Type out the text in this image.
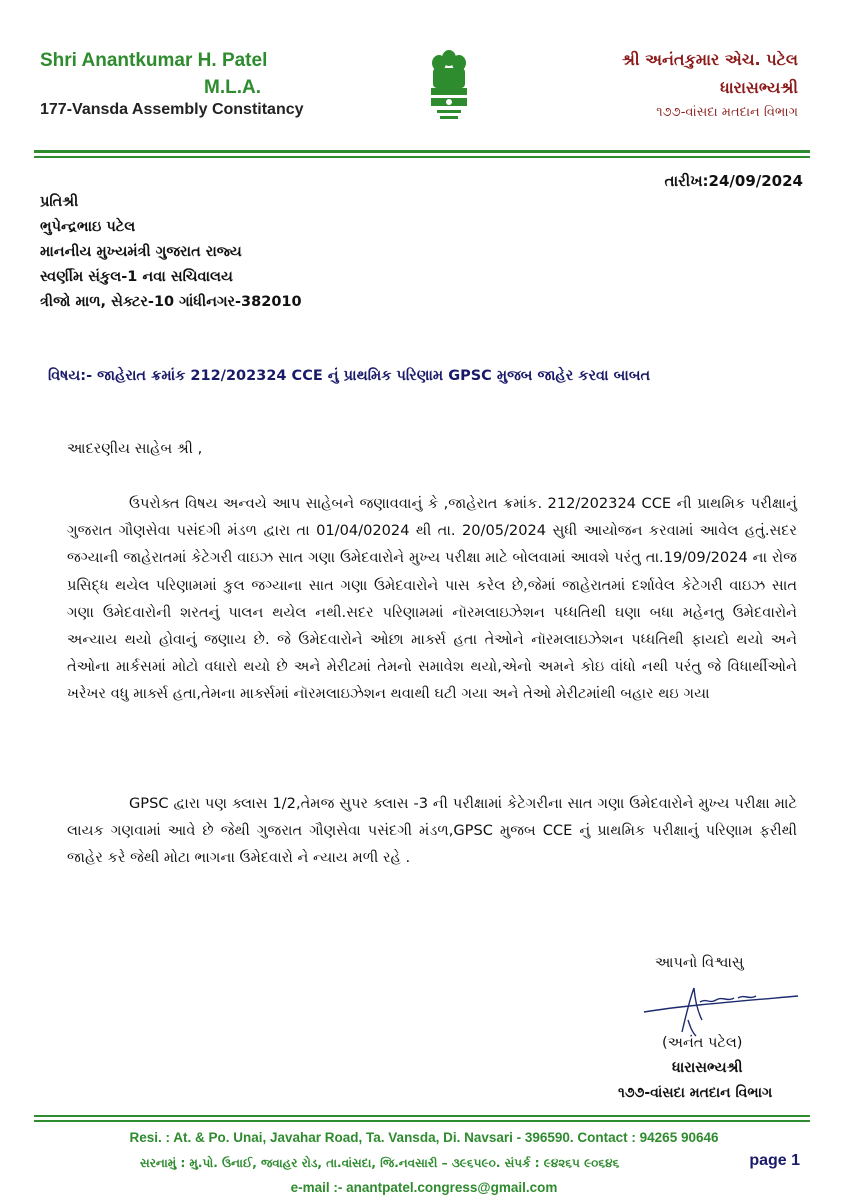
Shri Anantkumar H. Patel
M.L.A.
177-Vansda Assembly Constitancy
શ્રી અનંતકુમાર એચ. પટેલ
ધારાસભ્યશ્રી
૧૭૭-વાંસદા મતદાન વિભાગ
તારીખ:24/09/2024
પ્રતિશ્રી
ભુપેન્દ્રભાઇ પટેલ
માનનીય મુખ્યમંત્રી ગુજરાત રાજ્ય
સ્વર્ણીમ સંકુલ-1 નવા સચિવાલય
ત્રીજો માળ, સેક્ટર-10 ગાંધીનગર-382010
વિષય:- જાહેરાત ક્રમાંક 212/202324 CCE નું પ્રાથમિક પરિણામ GPSC મુજબ જાહેર કરવા બાબત
આદરણીય સાહેબ શ્રી ,
ઉપરોક્ત વિષય અન્વયે આપ સાહેબને જણાવવાનું કે ,જાહેરાત ક્રમાંક. 212/202324 CCE ની પ્રાથમિક પરીક્ષાનું ગુજરાત ગૌણસેવા પસંદગી મંડળ દ્વારા તા 01/04/02024 થી તા. 20/05/2024 સુધી આયોજન કરવામાં આવેલ હતું.સદર જગ્યાની જાહેરાતમાં કેટેગરી વાઇઝ સાત ગણા ઉમેદવારોને મુખ્ય પરીક્ષા માટે બોલવામાં આવશે પરંતુ તા.19/09/2024 ના રોજ પ્રસિદ્ધ થયેલ પરિણામમાં કુલ જગ્યાના સાત ગણા ઉમેદવારોને પાસ કરેલ છે,જેમાં જાહેરાતમાં દર્શાવેલ કેટેગરી વાઇઝ સાત ગણા ઉમેદવારોની શરતનું પાલન થયેલ નથી.સદર પરિણામમાં નૉરમલાઇઝેશન પધ્ધતિથી ઘણા બધા મહેનતુ ઉમેદવારોને અન્યાય થયો હોવાનું જણાય છે. જે ઉમેદવારોને ઓછા માર્ક્સ હતા તેઓને નૉરમલાઇઝેશન પધ્ધતિથી ફાયદો થયો અને તેઓના માર્કસમાં મોટો વધારો થયો છે અને મેરીટમાં તેમનો સમાવેશ થયો,એનો અમને કોઇ વાંધો નથી પરંતુ જે વિધાર્થીઓને ખરેખર વધુ માર્ક્સ હતા,તેમના માર્ક્સમાં નૉરમલાઇઝેશન થવાથી ઘટી ગયા અને તેઓ મેરીટમાંથી બહાર થઇ ગયા
GPSC દ્વારા પણ ક્લાસ 1/2,તેમજ સુપર ક્લાસ -3 ની પરીક્ષામાં કેટેગરીના સાત ગણા ઉમેદવારોને મુખ્ય પરીક્ષા માટે લાયક ગણવામાં આવે છે જેથી ગુજરાત ગૌણસેવા પસંદગી મંડળ,GPSC મુજબ CCE નું પ્રાથમિક પરીક્ષાનું પરિણામ ફરીથી જાહેર કરે જેથી મોટા ભાગના ઉમેદવારો ને ન્યાય મળી રહે .
આપનો વિશ્વાસુ
(અનંત પટેલ)
ધારાસભ્યશ્રી
૧૭૭-વાંસદા મતદાન વિભાગ
Resi. : At. & Po. Unai, Javahar Road, Ta. Vansda, Di. Navsari - 396590. Contact : 94265 90646
સરનામું : મુ.પો. ઉનાઈ, જવાહર રોડ, તા.વાંસદા, જિ.નવસારી – ૩૯૬૫૯૦. સંપર્ક : ૯૪૨૬૫ ૯૦૬૪૬
e-mail :- anantpatel.congress@gmail.com
page 1
